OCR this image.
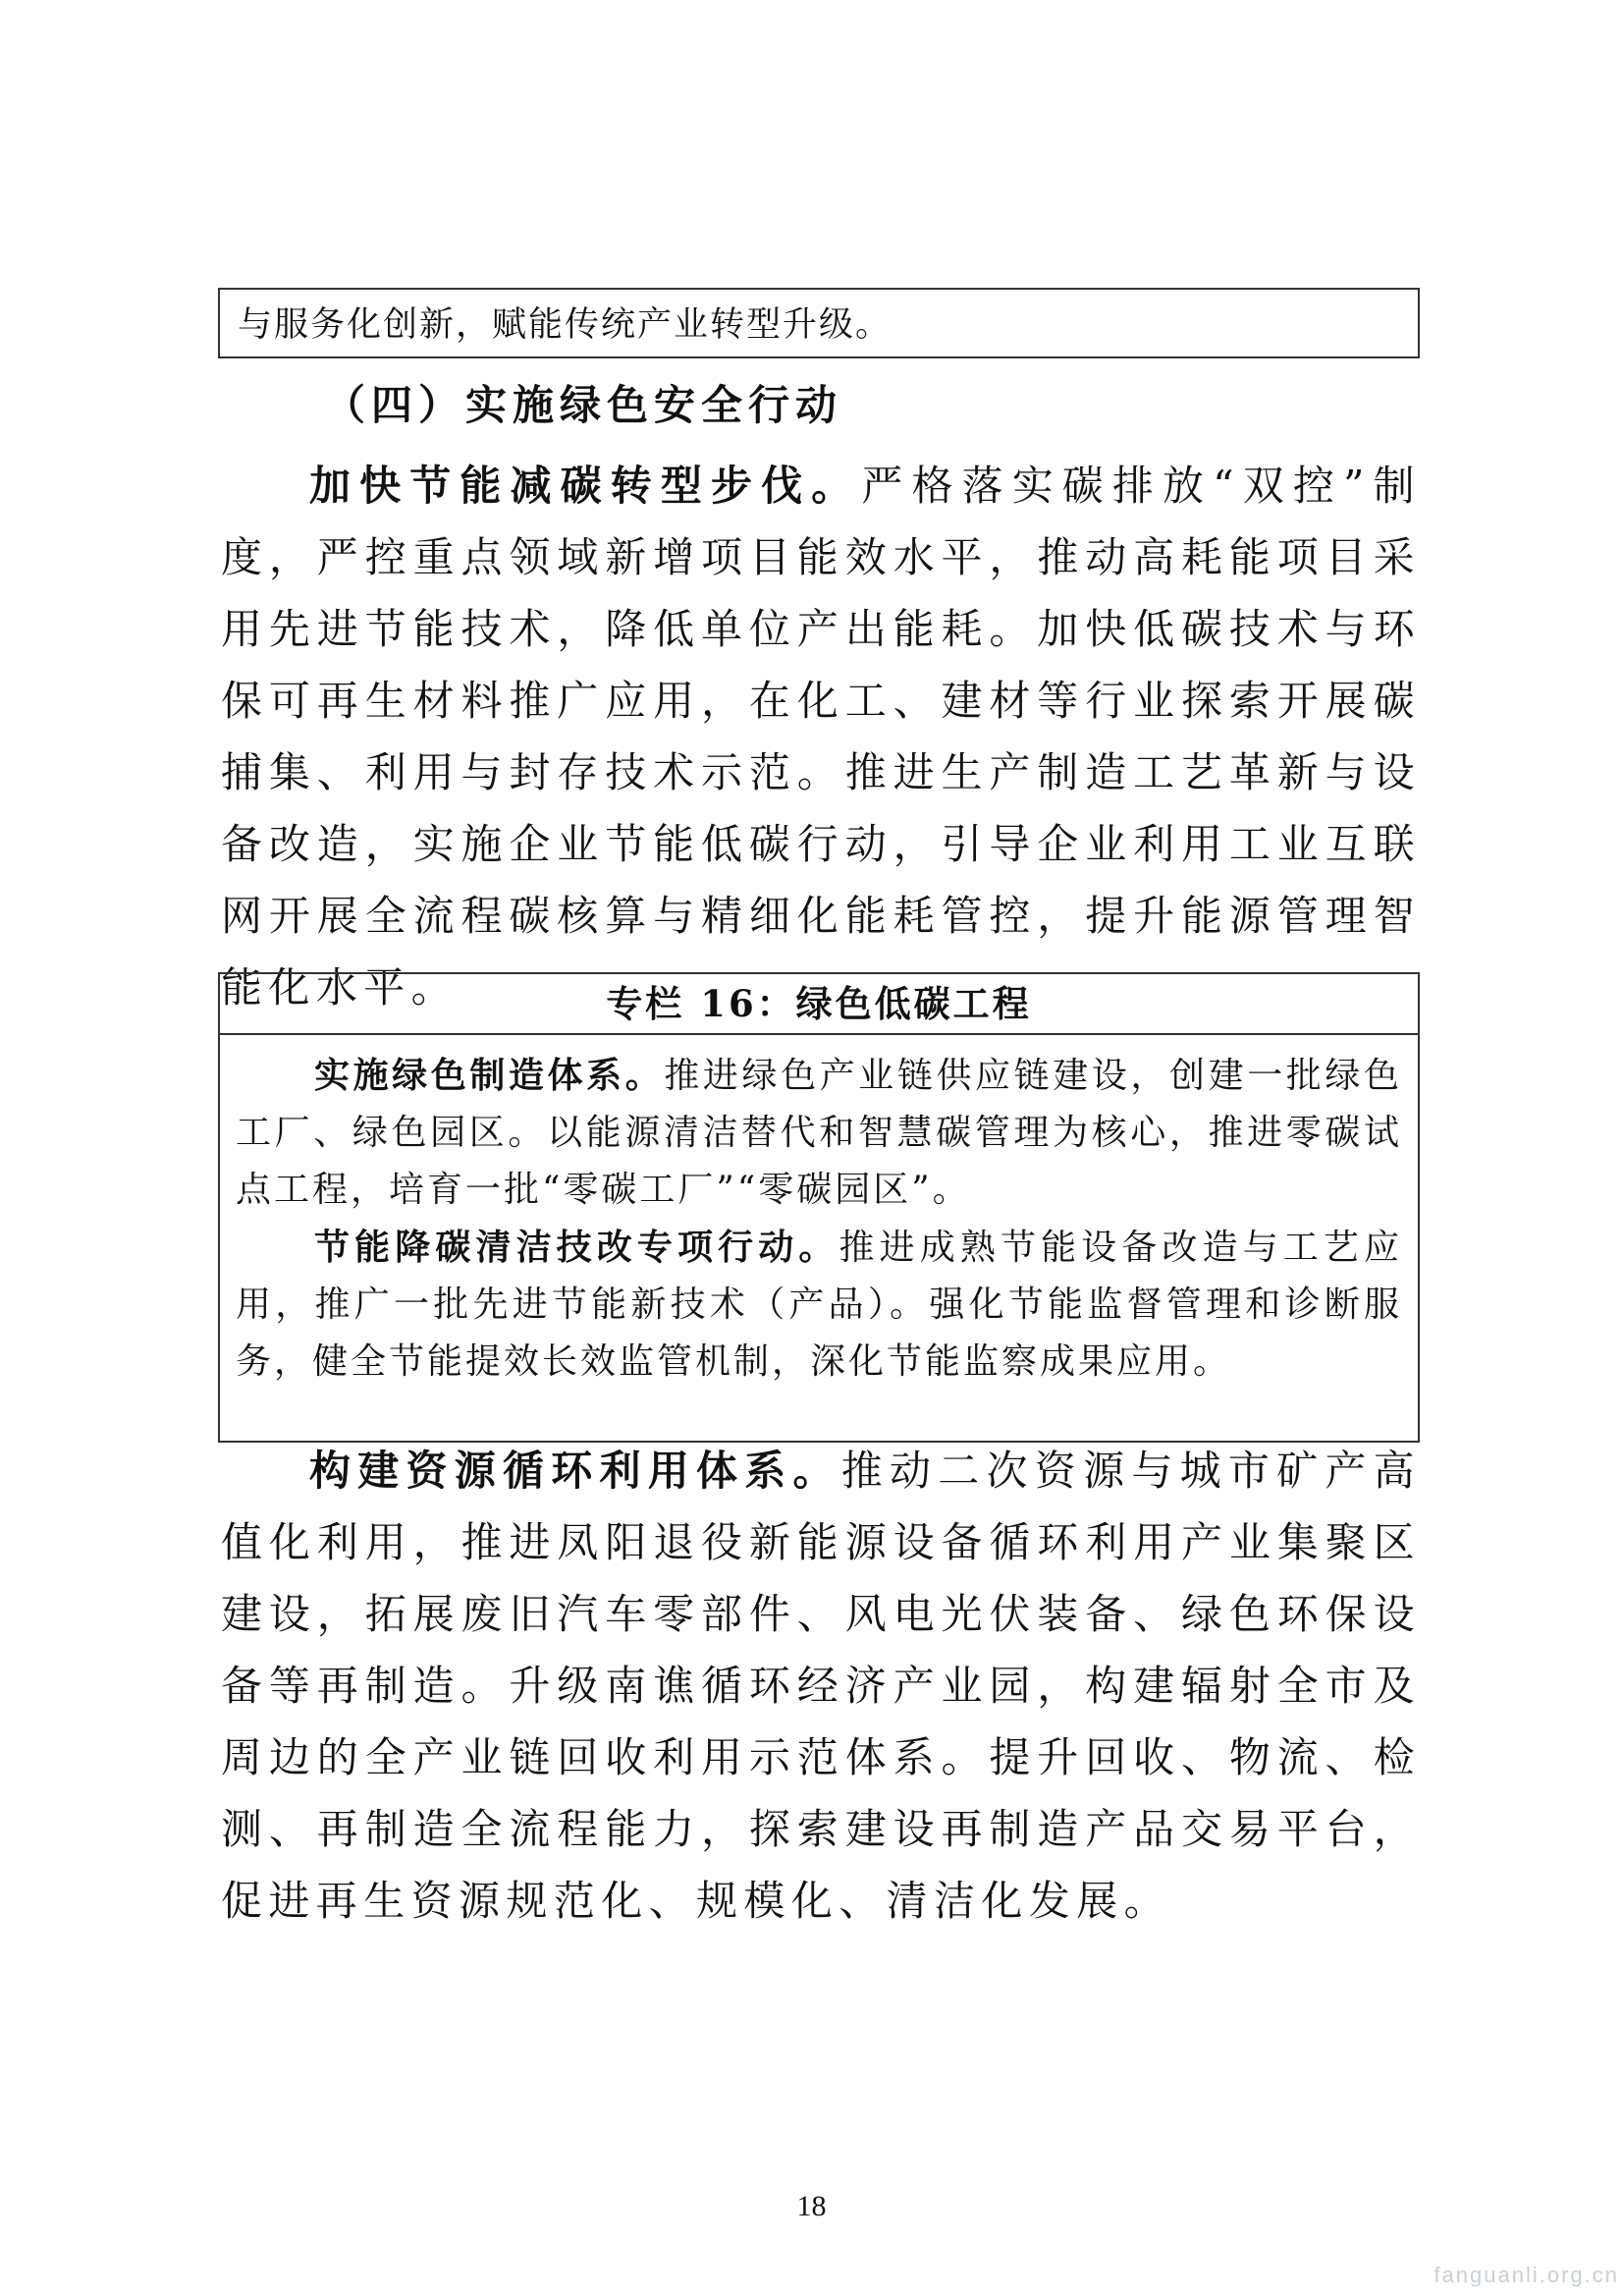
与服务化创新，赋能传统产业转型升级。
（四）实施绿色安全行动

加快节能减碳转型步伐。严格落实碳排放“双控”制度，严控重点领域新增项目能效水平，推动高耗能项目采用先进节能技术，降低单位产出能耗。加快低碳技术与环保可再生材料推广应用，在化工、建材等行业探索开展碳捕集、利用与封存技术示范。推进生产制造工艺革新与设备改造，实施企业节能低碳行动，引导企业利用工业互联网开展全流程碳核算与精细化能耗管控，提升能源管理智能化水平。	专栏 16：绿色低碳工程

实施绿色制造体系。推进绿色产业链供应链建设，创建一批绿色工厂、绿色园区。以能源清洁替代和智慧碳管理为核心，推进零碳试点工程，培育一批“零碳工厂”“零碳园区”。

节能降碳清洁技改专项行动。推进成熟节能设备改造与工艺应用，推广一批先进节能新技术（产品）。强化节能监督管理和诊断服务，健全节能提效长效监管机制，深化节能监察成果应用。

构建资源循环利用体系。推动二次资源与城市矿产高值化利用，推进凤阳退役新能源设备循环利用产业集聚区建设，拓展废旧汽车零部件、风电光伏装备、绿色环保设备等再制造。升级南谯循环经济产业园，构建辐射全市及周边的全产业链回收利用示范体系。提升回收、物流、检测、再制造全流程能力，探索建设再制造产品交易平台，促进再生资源规范化、规模化、清洁化发展。

18
fanguanli.org.cn
